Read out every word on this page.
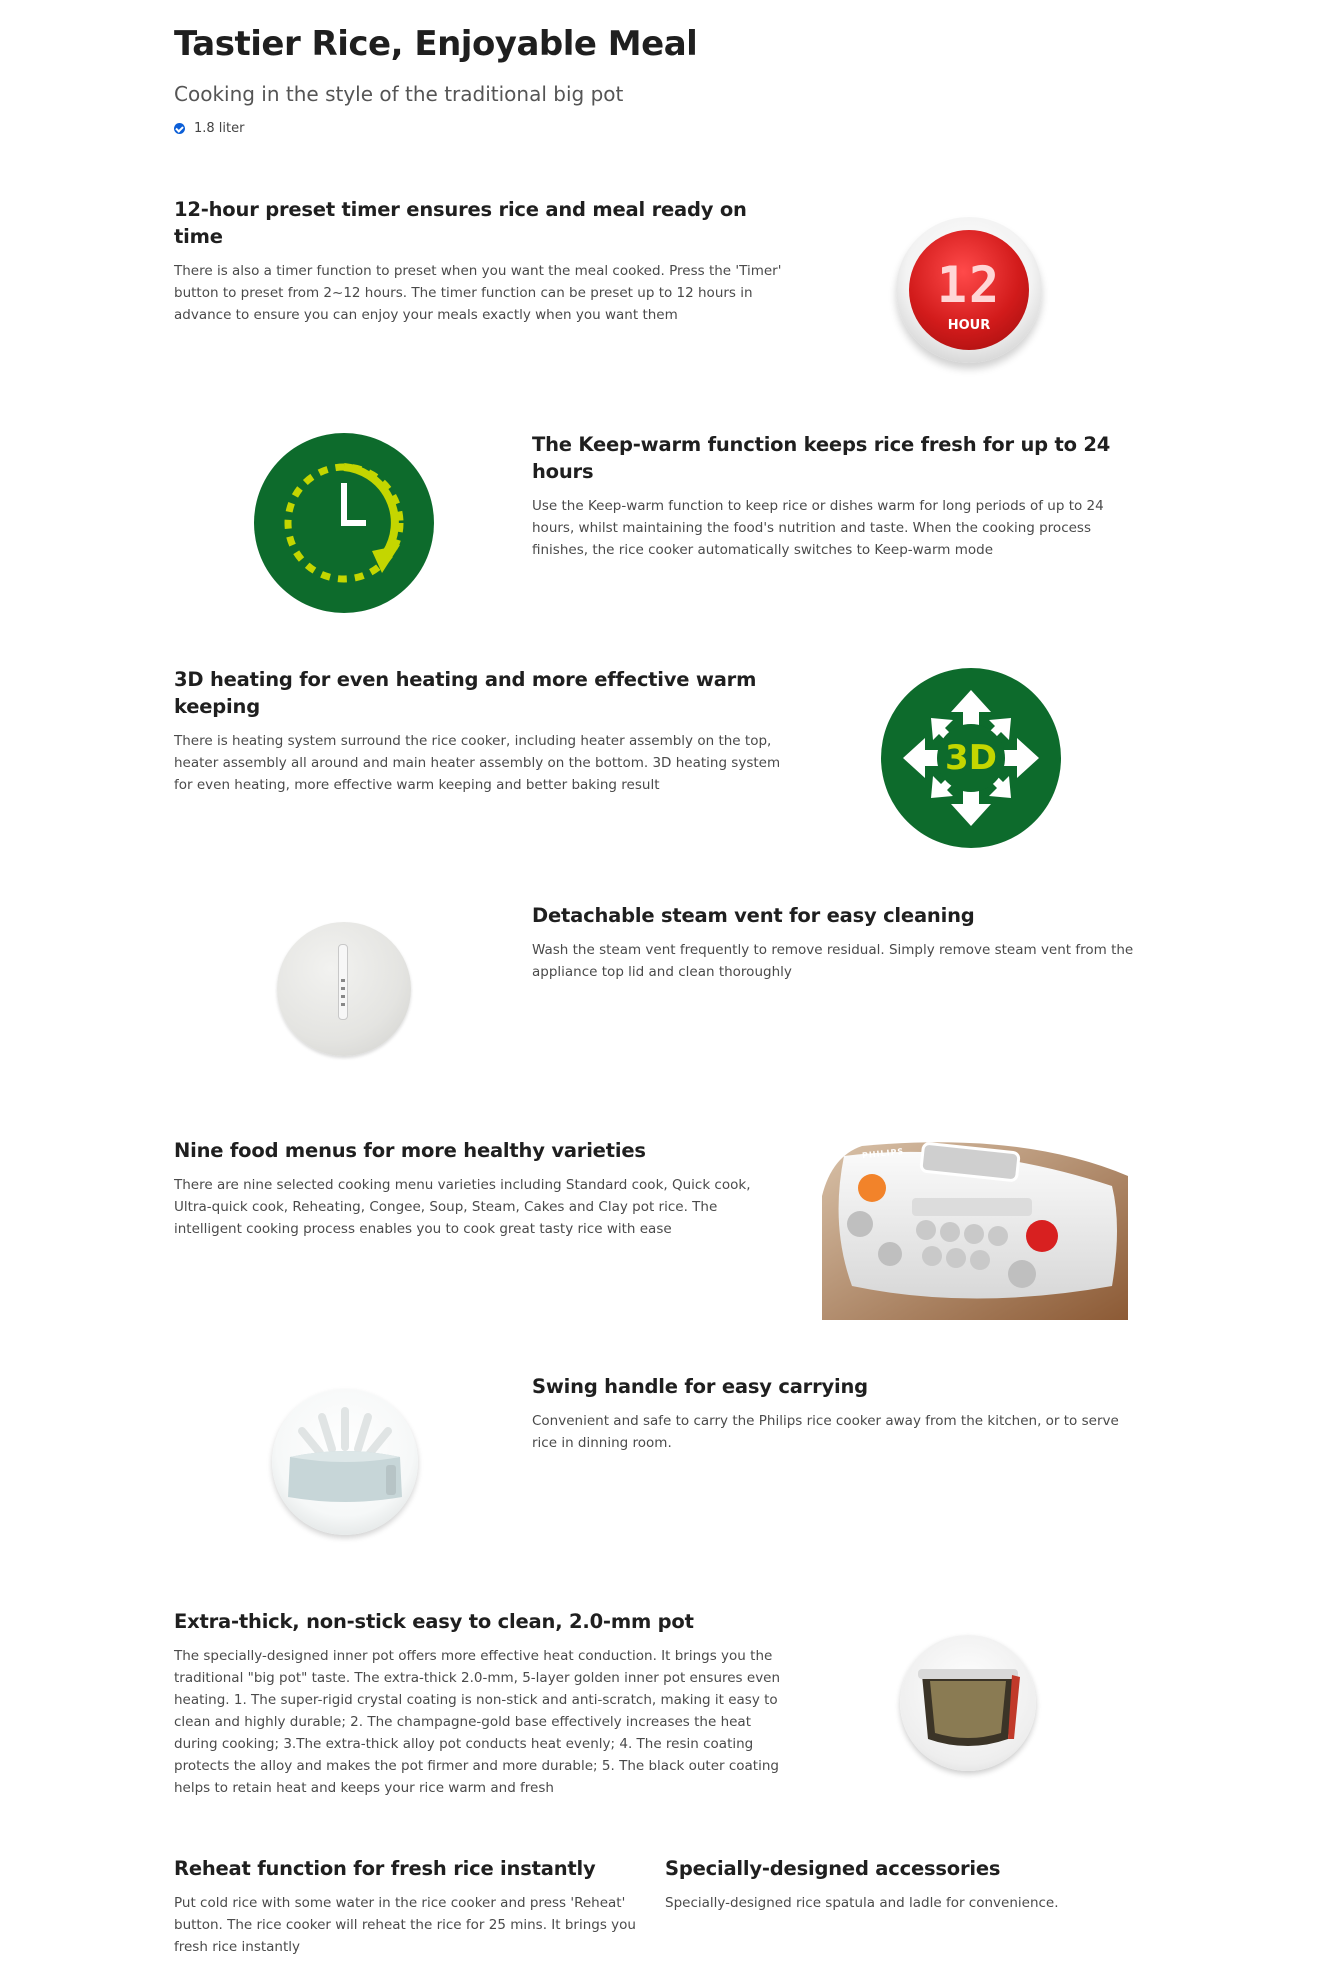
Tastier Rice, Enjoyable Meal
Cooking in the style of the traditional big pot
1.8 liter
12-hour preset timer ensures rice and meal ready on time

There is also a timer function to preset when you want the meal cooked. Press the 'Timer' button to preset from 2~12 hours. The timer function can be preset up to 12 hours in advance to ensure you can enjoy your meals exactly when you want them

12
HOUR
The Keep-warm function keeps rice fresh for up to 24 hours

Use the Keep-warm function to keep rice or dishes warm for long periods of up to 24 hours, whilst maintaining the food's nutrition and taste. When the cooking process finishes, the rice cooker automatically switches to Keep-warm mode

3D heating for even heating and more effective warm keeping

There is heating system surround the rice cooker, including heater assembly on the top, heater assembly all around and main heater assembly on the bottom. 3D heating system for even heating, more effective warm keeping and better baking result

3D
Detachable steam vent for easy cleaning

Wash the steam vent frequently to remove residual. Simply remove steam vent from the appliance top lid and clean thoroughly

Nine food menus for more healthy varieties

There are nine selected cooking menu varieties including Standard cook, Quick cook, Ultra-quick cook, Reheating, Congee, Soup, Steam, Cakes and Clay pot rice. The intelligent cooking process enables you to cook great tasty rice with ease

PHILIPS
Swing handle for easy carrying

Convenient and safe to carry the Philips rice cooker away from the kitchen, or to serve rice in dinning room.

Extra-thick, non-stick easy to clean, 2.0-mm pot

The specially-designed inner pot offers more effective heat conduction. It brings you the traditional "big pot" taste. The extra-thick 2.0-mm, 5-layer golden inner pot ensures even heating. 1. The super-rigid crystal coating is non-stick and anti-scratch, making it easy to clean and highly durable; 2. The champagne-gold base effectively increases the heat during cooking; 3.The extra-thick alloy pot conducts heat evenly; 4. The resin coating protects the alloy and makes the pot firmer and more durable; 5. The black outer coating helps to retain heat and keeps your rice warm and fresh

Reheat function for fresh rice instantly

Put cold rice with some water in the rice cooker and press 'Reheat' button. The rice cooker will reheat the rice for 25 mins. It brings you fresh rice instantly

Specially-designed accessories

Specially-designed rice spatula and ladle for convenience.
